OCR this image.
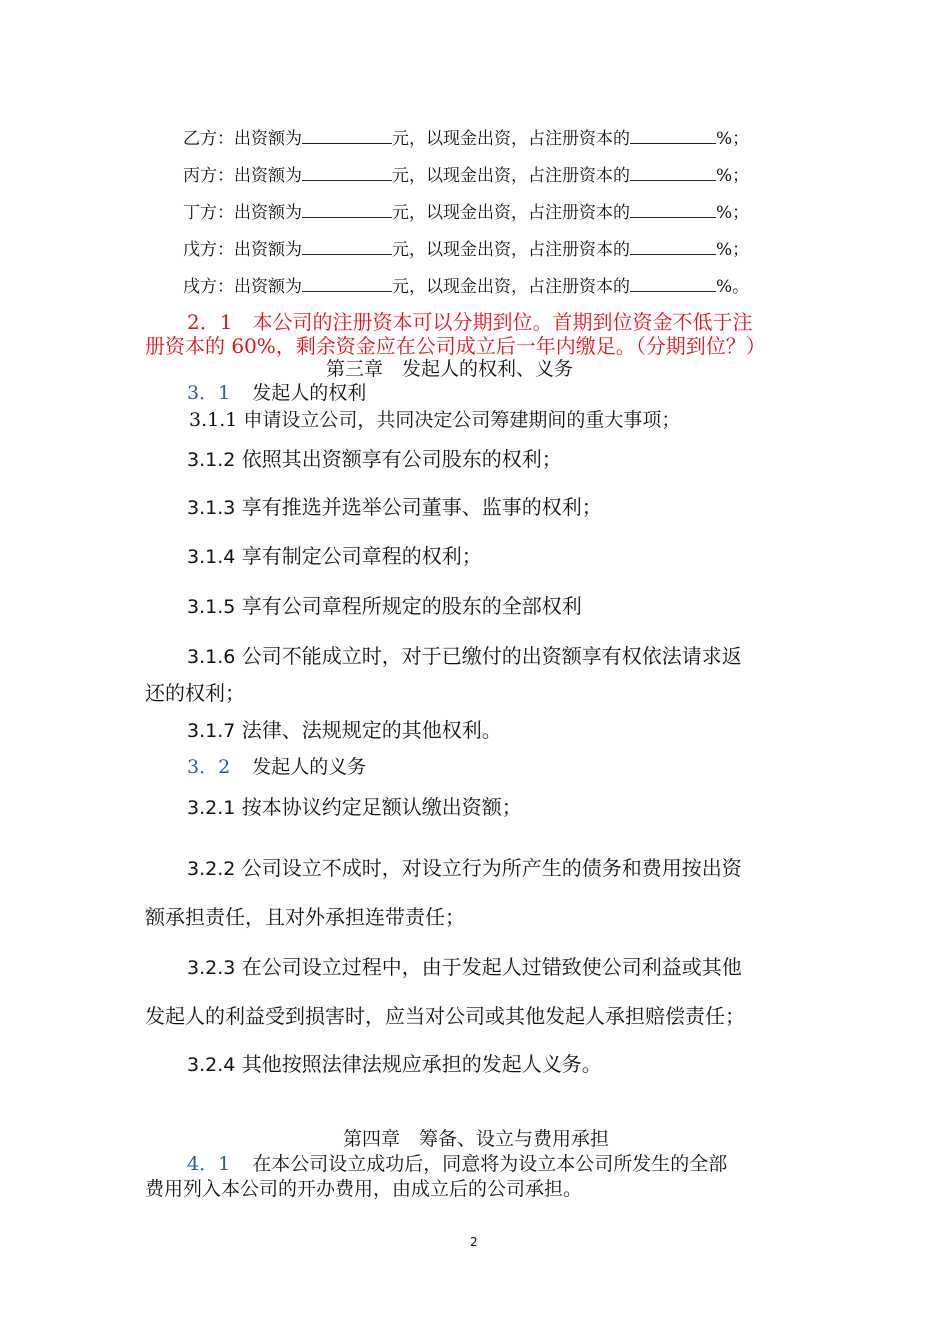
乙方：出资额为	元，以现金出资，占注册资本的	%；
丙方：出资额为	元，以现金出资，占注册资本的	%；
丁方：出资额为	元，以现金出资，占注册资本的	%；
戊方：出资额为	元，以现金出资，占注册资本的	%；
戌方：出资额为	元，以现金出资，占注册资本的	%。
2．1　本公司的注册资本可以分期到位。首期到位资金不低于注
册资本的 60%，剩余资金应在公司成立后一年内缴足。（分期到位？）
第三章　发起人的权利、义务
3．1 发起人的权利
3.1.1 申请设立公司，共同决定公司筹建期间的重大事项；
3.1.2 依照其出资额享有公司股东的权利；
3.1.3 享有推选并选举公司董事、监事的权利；
3.1.4 享有制定公司章程的权利；
3.1.5 享有公司章程所规定的股东的全部权利
3.1.6 公司不能成立时，对于已缴付的出资额享有权依法请求返
还的权利；
3.1.7 法律、法规规定的其他权利。
3．2 发起人的义务
3.2.1 按本协议约定足额认缴出资额；
3.2.2 公司设立不成时，对设立行为所产生的债务和费用按出资
额承担责任，且对外承担连带责任；
3.2.3 在公司设立过程中，由于发起人过错致使公司利益或其他
发起人的利益受到损害时，应当对公司或其他发起人承担赔偿责任；
3.2.4 其他按照法律法规应承担的发起人义务。
第四章　筹备、设立与费用承担
4．1 在本公司设立成功后，同意将为设立本公司所发生的全部
费用列入本公司的开办费用，由成立后的公司承担。
2
